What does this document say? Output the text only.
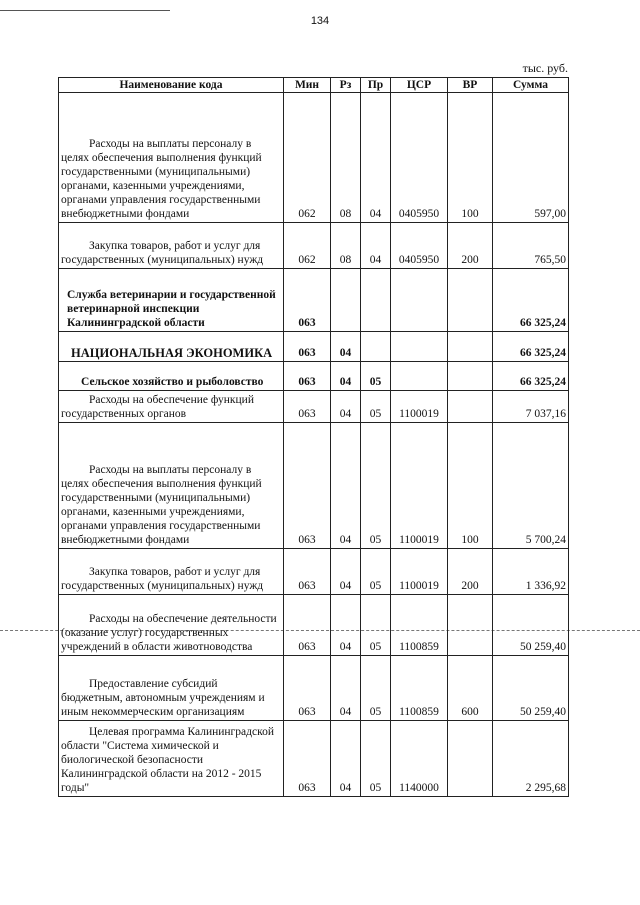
134
тыс. руб.
Наименование кода	Мин	Рз	Пр	ЦСР	ВР	Сумма

Расходы на выплаты персоналу в целях обеспечения выполнения функций государственными (муниципальными) органами, казенными учреждениями, органами управления государственными внебюджетными фондами	062	08	04	0405950	100	597,00

Закупка товаров, работ и услуг для государственных (муниципальных) нужд	062	08	04	0405950	200	765,50

Служба ветеринарии и государственной ветеринарной инспекции Калининградской области	063					66 325,24

НАЦИОНАЛЬНАЯ ЭКОНОМИКА	063	04				66 325,24

Сельское хозяйство и рыболовство	063	04	05			66 325,24

Расходы на обеспечение функций государственных органов	063	04	05	1100019		7 037,16

Расходы на выплаты персоналу в целях обеспечения выполнения функций государственными (муниципальными) органами, казенными учреждениями, органами управления государственными внебюджетными фондами	063	04	05	1100019	100	5 700,24

Закупка товаров, работ и услуг для государственных (муниципальных) нужд	063	04	05	1100019	200	1 336,92

Расходы на обеспечение деятельности (оказание услуг) государственных учреждений в области животноводства	063	04	05	1100859		50 259,40

Предоставление субсидий бюджетным, автономным учреждениям и иным некоммерческим организациям	063	04	05	1100859	600	50 259,40

Целевая программа Калининградской области "Система химической и биологической безопасности Калининградской области на 2012 - 2015 годы"	063	04	05	1140000		2 295,68
